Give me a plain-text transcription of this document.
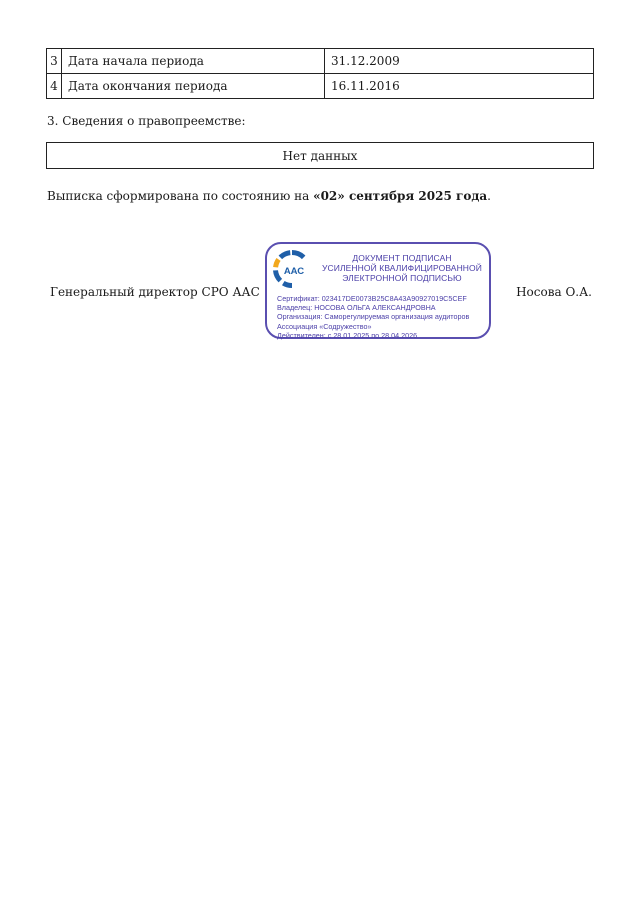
3	Дата начала периода	31.12.2009
4	Дата окончания периода	16.11.2016
3. Сведения о правопреемстве:
Нет данных
Выписка сформирована по состоянию на «02» сентября 2025 года.
Генеральный директор СРО ААС	Носова О.А.
ААС
ДОКУМЕНТ ПОДПИСАН
УСИЛЕННОЙ КВАЛИФИЦИРОВАННОЙ
ЭЛЕКТРОННОЙ ПОДПИСЬЮ
Сертификат: 023417DE0073B25C8A43A90927019C5CEF
Владелец: НОСОВА ОЛЬГА АЛЕКСАНДРОВНА
Организация: Саморегулируемая организация аудиторов
Ассоциация «Содружество»
Действителен: с 28.01.2025 по 28.04.2026
